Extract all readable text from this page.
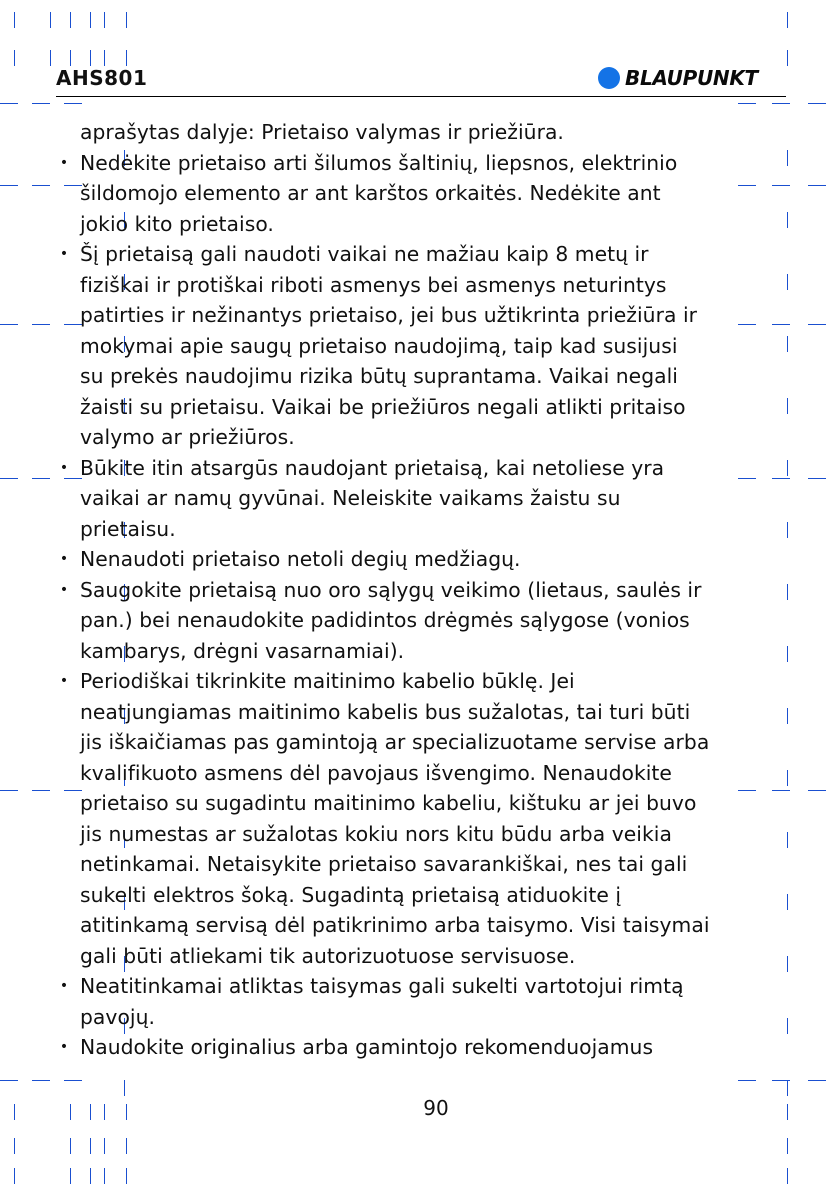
AHS801	BLAUPUNKT
aprašytas dalyje: Prietaiso valymas ir priežiūra.
• Nedėkite prietaiso arti šilumos šaltinių, liepsnos, elektrinio
šildomojo elemento ar ant karštos orkaitės. Nedėkite ant
jokio kito prietaiso.
• Šį prietaisą gali naudoti vaikai ne mažiau kaip 8 metų ir
fiziškai ir protiškai riboti asmenys bei asmenys neturintys
patirties ir nežinantys prietaiso, jei bus užtikrinta priežiūra ir
mokymai apie saugų prietaiso naudojimą, taip kad susijusi
su prekės naudojimu rizika būtų suprantama. Vaikai negali
žaisti su prietaisu. Vaikai be priežiūros negali atlikti pritaiso
valymo ar priežiūros.
• Būkite itin atsargūs naudojant prietaisą, kai netoliese yra
vaikai ar namų gyvūnai. Neleiskite vaikams žaistu su
prietaisu.
• Nenaudoti prietaiso netoli degių medžiagų.
• Saugokite prietaisą nuo oro sąlygų veikimo (lietaus, saulės ir
pan.) bei nenaudokite padidintos drėgmės sąlygose (vonios
kambarys, drėgni vasarnamiai).
• Periodiškai tikrinkite maitinimo kabelio būklę. Jei
neatjungiamas maitinimo kabelis bus sužalotas, tai turi būti
jis iškaičiamas pas gamintoją ar specializuotame servise arba
kvalifikuoto asmens dėl pavojaus išvengimo. Nenaudokite
prietaiso su sugadintu maitinimo kabeliu, kištuku ar jei buvo
jis numestas ar sužalotas kokiu nors kitu būdu arba veikia
netinkamai. Netaisykite prietaiso savarankiškai, nes tai gali
sukelti elektros šoką. Sugadintą prietaisą atiduokite į
atitinkamą servisą dėl patikrinimo arba taisymo. Visi taisymai
gali būti atliekami tik autorizuotuose servisuose.
• Neatitinkamai atliktas taisymas gali sukelti vartotojui rimtą
pavojų.
• Naudokite originalius arba gamintojo rekomenduojamus
90
